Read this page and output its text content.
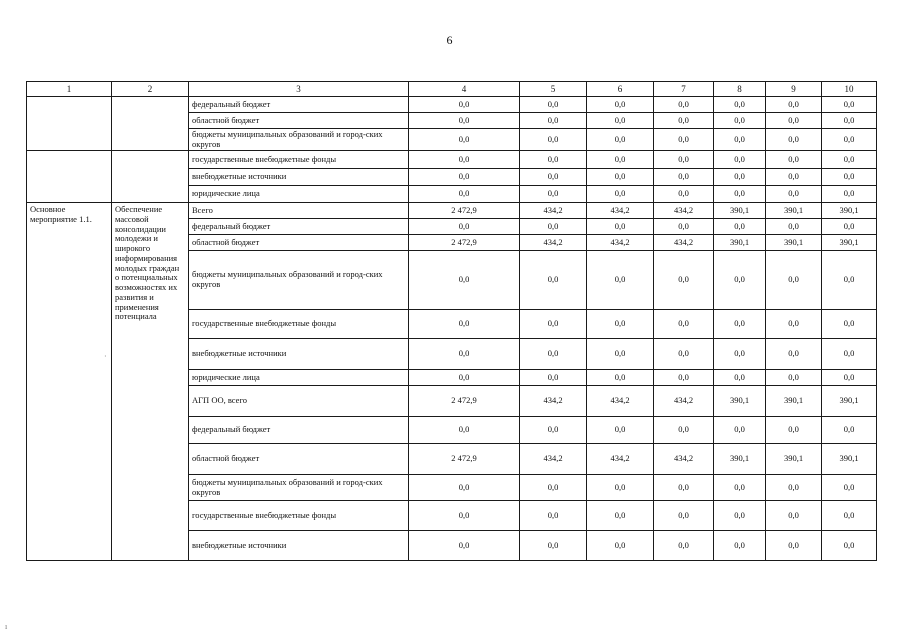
6
1	2	3	4	5	6	7	8	9	10
		федеральный бюджет	0,0	0,0	0,0	0,0	0,0	0,0	0,0
		областной бюджет	0,0	0,0	0,0	0,0	0,0	0,0	0,0
		бюджеты муниципальных образований и город-ских округов	0,0	0,0	0,0	0,0	0,0	0,0	0,0
		государственные внебюджетные фонды	0,0	0,0	0,0	0,0	0,0	0,0	0,0
		внебюджетные источники	0,0	0,0	0,0	0,0	0,0	0,0	0,0
		юридические лица	0,0	0,0	0,0	0,0	0,0	0,0	0,0
Основное мероприятие 1.1.	Обеспечение массовой консолидации молодежи и широкого информирования молодых граждан о потенциальных возможностях их развития и применения потенциала	Всего	2 472,9	434,2	434,2	434,2	390,1	390,1	390,1
		федеральный бюджет	0,0	0,0	0,0	0,0	0,0	0,0	0,0
		областной бюджет	2 472,9	434,2	434,2	434,2	390,1	390,1	390,1
		бюджеты муниципальных образований и город-ских округов	0,0	0,0	0,0	0,0	0,0	0,0	0,0
		государственные внебюджетные фонды	0,0	0,0	0,0	0,0	0,0	0,0	0,0
		внебюджетные источники	0,0	0,0	0,0	0,0	0,0	0,0	0,0
		юридические лица	0,0	0,0	0,0	0,0	0,0	0,0	0,0
		АГП ОО, всего	2 472,9	434,2	434,2	434,2	390,1	390,1	390,1
		федеральный бюджет	0,0	0,0	0,0	0,0	0,0	0,0	0,0
		областной бюджет	2 472,9	434,2	434,2	434,2	390,1	390,1	390,1
		бюджеты муниципальных образований и город-ских округов	0,0	0,0	0,0	0,0	0,0	0,0	0,0
		государственные внебюджетные фонды	0,0	0,0	0,0	0,0	0,0	0,0	0,0
		внебюджетные источники	0,0	0,0	0,0	0,0	0,0	0,0	0,0
·
ı
